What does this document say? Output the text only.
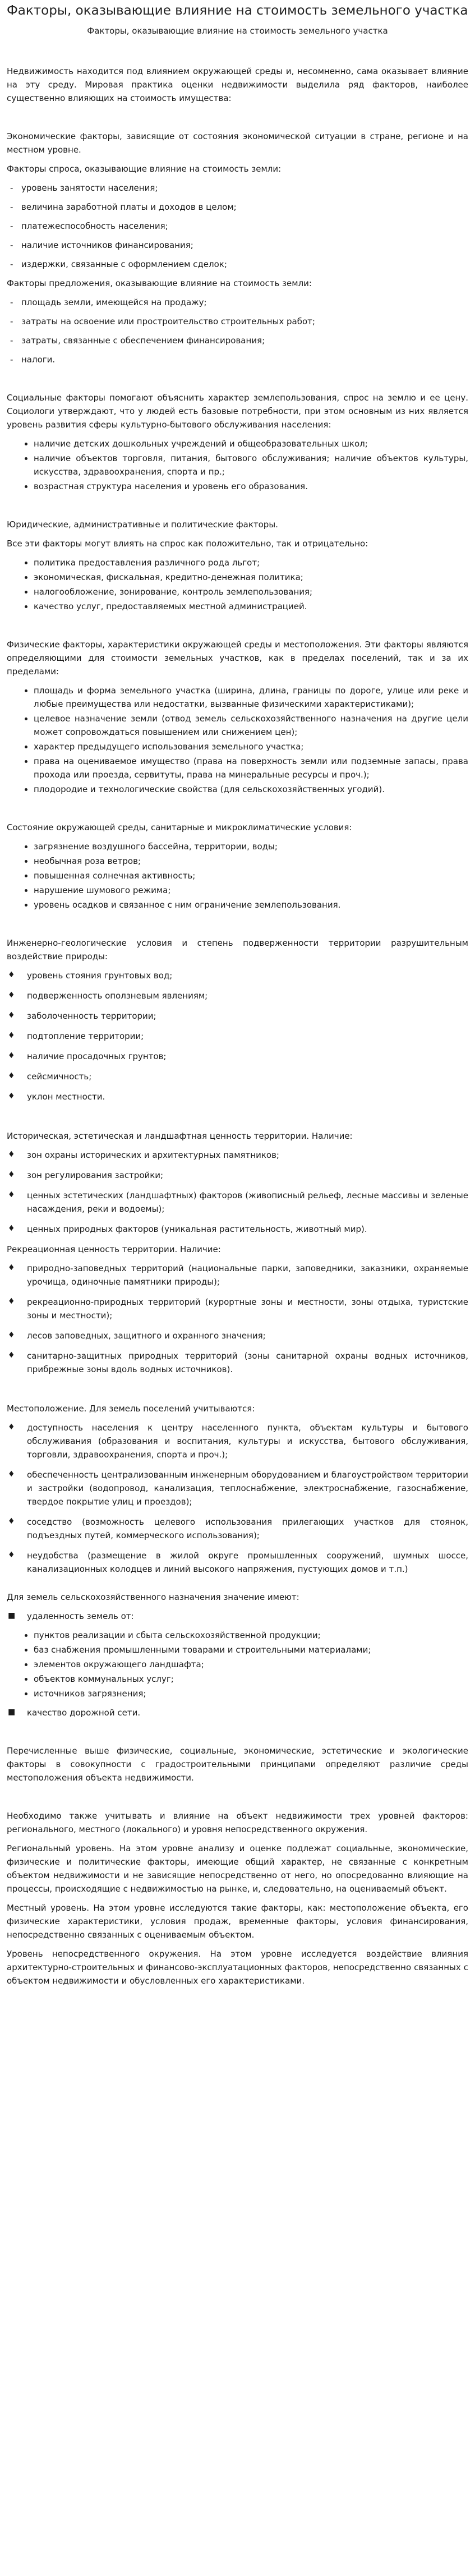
Факторы, оказывающие влияние на стоимость земельного участка
Факторы, оказывающие влияние на стоимость земельного участка

Недвижимость находится под влиянием окружающей среды и, несомненно, сама оказывает влияние на эту среду. Мировая практика оценки недвижимости выделила ряд факторов, наиболее существенно влияющих на стоимость имущества:

Экономические факторы, зависящие от состояния экономической ситуации в стране, регионе и на местном уровне.

Факторы спроса, оказывающие влияние на стоимость земли:

- уровень занятости населения;
- величина заработной платы и доходов в целом;
- платежеспособность населения;
- наличие источников финансирования;
- издержки, связанные с оформлением сделок;

Факторы предложения, оказывающие влияние на стоимость земли:

- площадь земли, имеющейся на продажу;
- затраты на освоение или простроительство строительных работ;
- затраты, связанные с обеспечением финансирования;
- налоги.

Социальные факторы помогают объяснить характер землепользования, спрос на землю и ее цену. Социологи утверждают, что у людей есть базовые потребности, при этом основным из них является уровень развития сферы культурно-бытового обслуживания населения:

• наличие детских дошкольных учреждений и общеобразовательных школ;
• наличие объектов торговля, питания, бытового обслуживания; наличие объектов культуры, искусства, здравоохранения, спорта и пр.;
• возрастная структура населения и уровень его образования.

Юридические, административные и политические факторы.

Все эти факторы могут влиять на спрос как положительно, так и отрицательно:

• политика предоставления различного рода льгот;
• экономическая, фискальная, кредитно-денежная политика;
• налогообложение, зонирование, контроль землепользования;
• качество услуг, предоставляемых местной администрацией.

Физические факторы, характеристики окружающей среды и местоположения. Эти факторы являются определяющими для стоимости земельных участков, как в пределах поселений, так и за их пределами:

• площадь и форма земельного участка (ширина, длина, границы по дороге, улице или реке и любые преимущества или недостатки, вызванные физическими характеристиками);
• целевое назначение земли (отвод земель сельскохозяйственного назначения на другие цели может сопровождаться повышением или снижением цен);
• характер предыдущего использования земельного участка;
• права на оцениваемое имущество (права на поверхность земли или подземные запасы, права прохода или проезда, сервитуты, права на минеральные ресурсы и проч.);
• плодородие и технологические свойства (для сельскохозяйственных угодий).

Состояние окружающей среды, санитарные и микроклиматические условия:

• загрязнение воздушного бассейна, территории, воды;
• необычная роза ветров;
• повышенная солнечная активность;
• нарушение шумового режима;
• уровень осадков и связанное с ним ограничение землепользования.

Инженерно-геологические условия и степень подверженности территории разрушительным воздействие природы:

♦ уровень стояния грунтовых вод;
♦ подверженность оползневым явлениям;
♦ заболоченность территории;
♦ подтопление территории;
♦ наличие просадочных грунтов;
♦ сейсмичность;
♦ уклон местности.

Историческая, эстетическая и ландшафтная ценность территории. Наличие:

♦ зон охраны исторических и архитектурных памятников;
♦ зон регулирования застройки;
♦ ценных эстетических (ландшафтных) факторов (живописный рельеф, лесные массивы и зеленые насаждения, реки и водоемы);
♦ ценных природных факторов (уникальная растительность, животный мир).

Рекреационная ценность территории. Наличие:

♦ природно-заповедных территорий (национальные парки, заповедники, заказники, охраняемые урочища, одиночные памятники природы);
♦ рекреационно-природных территорий (курортные зоны и местности, зоны отдыха, туристские зоны и местности);
♦ лесов заповедных, защитного и охранного значения;
♦ санитарно-защитных природных территорий (зоны санитарной охраны водных источников, прибрежные зоны вдоль водных источников).

Местоположение. Для земель поселений учитываются:

♦ доступность населения к центру населенного пункта, объектам культуры и бытового обслуживания (образования и воспитания, культуры и искусства, бытового обслуживания, торговли, здравоохранения, спорта и проч.);
♦ обеспеченность централизованным инженерным оборудованием и благоустройством территории и застройки (водопровод, канализация, теплоснабжение, электроснабжение, газоснабжение, твердое покрытие улиц и проездов);
♦ соседство (возможность целевого использования прилегающих участков для стоянок, подъездных путей, коммерческого использования);
♦ неудобства (размещение в жилой округе промышленных сооружений, шумных шоссе, канализационных колодцев и линий высокого напряжения, пустующих домов и т.п.)

Для земель сельскохозяйственного назначения значение имеют:

■ удаленность земель от:
• пунктов реализации и сбыта сельскохозяйственной продукции;
• баз снабжения промышленными товарами и строительными материалами;
• элементов окружающего ландшафта;
• объектов коммунальных услуг;
• источников загрязнения;
■ качество дорожной сети.

Перечисленные выше физические, социальные, экономические, эстетические и экологические факторы в совокупности с градостроительными принципами определяют различие среды местоположения объекта недвижимости.

Необходимо также учитывать и влияние на объект недвижимости трех уровней факторов: регионального, местного (локального) и уровня непосредственного окружения.

Региональный уровень. На этом уровне анализу и оценке подлежат социальные, экономические, физические и политические факторы, имеющие общий характер, не связанные с конкретным объектом недвижимости и не зависящие непосредственно от него, но опосредованно влияющие на процессы, происходящие с недвижимостью на рынке, и, следовательно, на оцениваемый объект.

Местный уровень. На этом уровне исследуются такие факторы, как: местоположение объекта, его физические характеристики, условия продаж, временные факторы, условия финансирования, непосредственно связанных с оцениваемым объектом.

Уровень непосредственного окружения. На этом уровне исследуется воздействие влияния архитектурно-строительных и финансово-эксплуатационных факторов, непосредственно связанных с объектом недвижимости и обусловленных его характеристиками.
